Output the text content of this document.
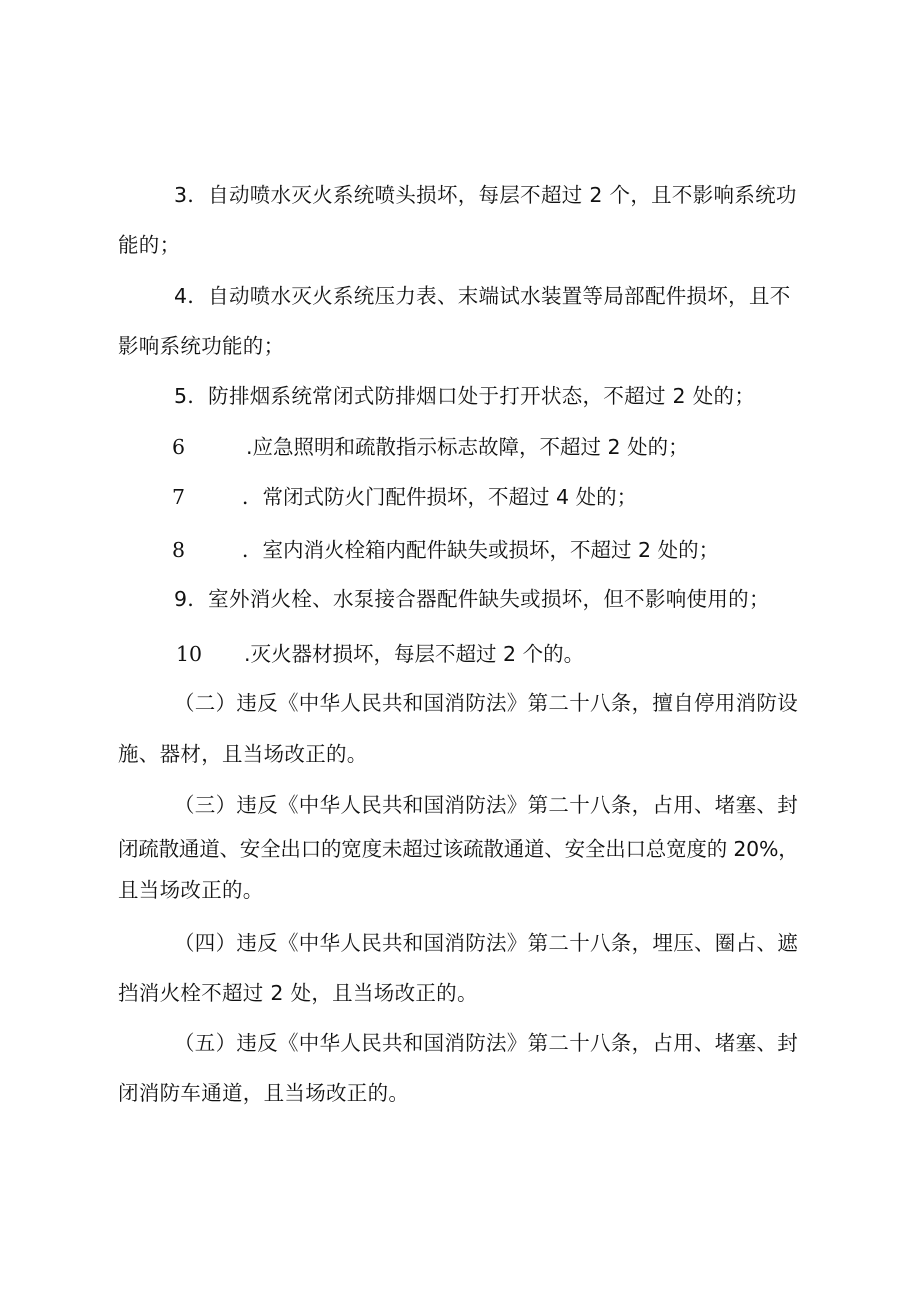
3．自动喷水灭火系统喷头损坏，每层不超过 2 个，且不影响系统功
能的；
4．自动喷水灭火系统压力表、末端试水装置等局部配件损坏，且不
影响系统功能的；
5．防排烟系统常闭式防排烟口处于打开状态，不超过 2 处的；
6	.应急照明和疏散指示标志故障，不超过 2 处的；
7	．常闭式防火门配件损坏，不超过 4 处的；
8	．室内消火栓箱内配件缺失或损坏，不超过 2 处的；
9．室外消火栓、水泵接合器配件缺失或损坏，但不影响使用的；
10 .灭火器材损坏，每层不超过 2 个的。
（二）违反《中华人民共和国消防法》第二十八条，擅自停用消防设
施、器材，且当场改正的。
（三）违反《中华人民共和国消防法》第二十八条，占用、堵塞、封
闭疏散通道、安全出口的宽度未超过该疏散通道、安全出口总宽度的 20%，
且当场改正的。
（四）违反《中华人民共和国消防法》第二十八条，埋压、圈占、遮
挡消火栓不超过 2 处，且当场改正的。
（五）违反《中华人民共和国消防法》第二十八条，占用、堵塞、封
闭消防车通道，且当场改正的。
